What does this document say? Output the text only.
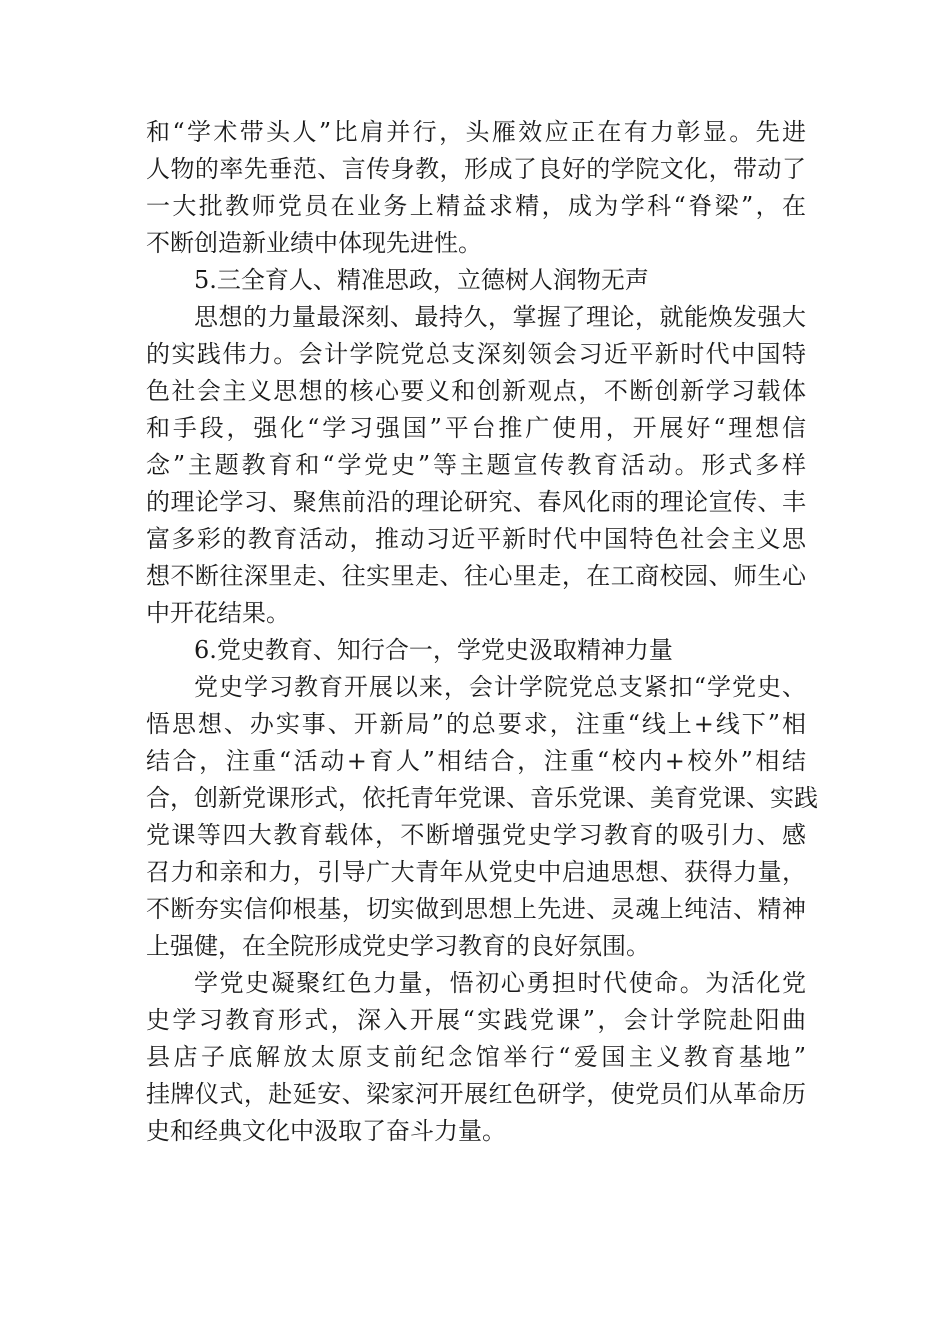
和“学术带头人”比肩并行，头雁效应正在有力彰显。先进
人物的率先垂范、言传身教，形成了良好的学院文化，带动了
一大批教师党员在业务上精益求精，成为学科“脊梁”，在
不断创造新业绩中体现先进性。
5.三全育人、精准思政，立德树人润物无声
思想的力量最深刻、最持久，掌握了理论，就能焕发强大
的实践伟力。会计学院党总支深刻领会习近平新时代中国特
色社会主义思想的核心要义和创新观点，不断创新学习载体
和手段，强化“学习强国”平台推广使用，开展好“理想信
念”主题教育和“学党史”等主题宣传教育活动。形式多样
的理论学习、聚焦前沿的理论研究、春风化雨的理论宣传、丰
富多彩的教育活动，推动习近平新时代中国特色社会主义思
想不断往深里走、往实里走、往心里走，在工商校园、师生心
中开花结果。
6.党史教育、知行合一，学党史汲取精神力量
党史学习教育开展以来，会计学院党总支紧扣“学党史、
悟思想、办实事、开新局”的总要求，注重“线上+线下”相
结合，注重“活动+育人”相结合，注重“校内+校外”相结
合，创新党课形式，依托青年党课、音乐党课、美育党课、实践
党课等四大教育载体，不断增强党史学习教育的吸引力、感
召力和亲和力，引导广大青年从党史中启迪思想、获得力量，
不断夯实信仰根基，切实做到思想上先进、灵魂上纯洁、精神
上强健，在全院形成党史学习教育的良好氛围。
学党史凝聚红色力量，悟初心勇担时代使命。为活化党
史学习教育形式，深入开展“实践党课”，会计学院赴阳曲
县店子底解放太原支前纪念馆举行“爱国主义教育基地”
挂牌仪式，赴延安、梁家河开展红色研学，使党员们从革命历
史和经典文化中汲取了奋斗力量。
